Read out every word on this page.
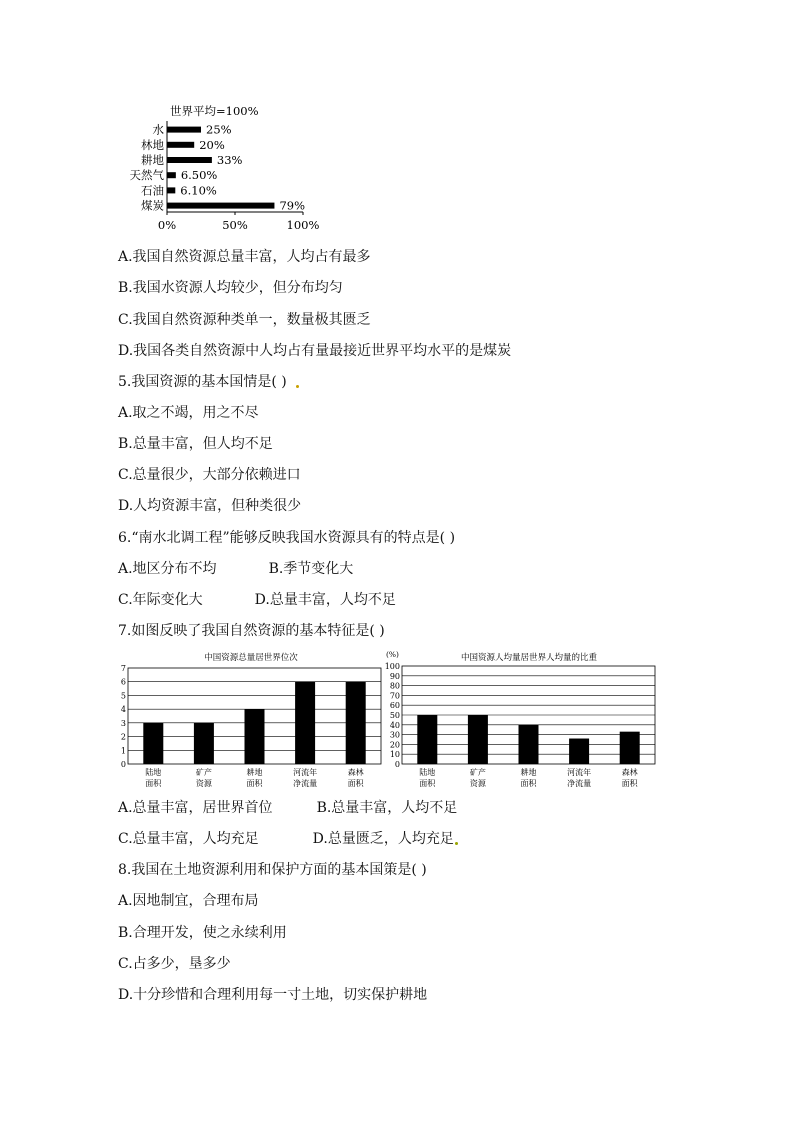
世界平均=100%
水
林地
耕地
天然气
石油
煤炭
25%
20%
33%
6.50%
6.10%
79%
0%	50%	100%
A.我国自然资源总量丰富，人均占有最多
B.我国水资源人均较少，但分布均匀
C.我国自然资源种类单一，数量极其匮乏
D.我国各类自然资源中人均占有量最接近世界平均水平的是煤炭
5.我国资源的基本国情是( )
A.取之不竭，用之不尽
B.总量丰富，但人均不足
C.总量很少，大部分依赖进口
D.人均资源丰富，但种类很少
6.“南水北调工程”能够反映我国水资源具有的特点是( )
A.地区分布不均	B.季节变化大
C.年际变化大	D.总量丰富，人均不足
7.如图反映了我国自然资源的基本特征是( )
中国资源总量居世界位次
0
1
2
3
4
5
6
7
陆地
面积
矿产
资源
耕地
面积
河流年
净流量
森林
面积
(%)	中国资源人均量居世界人均量的比重
0
10
20
30
40
50
60
70
80
90
100
陆地
面积
矿产
资源
耕地
面积
河流年
净流量
森林
面积
A.总量丰富，居世界首位	B.总量丰富，人均不足
C.总量丰富，人均充足	D.总量匮乏，人均充足
8.我国在土地资源利用和保护方面的基本国策是( )
A.因地制宜，合理布局
B.合理开发，使之永续利用
C.占多少，垦多少
D.十分珍惜和合理利用每一寸土地，切实保护耕地
